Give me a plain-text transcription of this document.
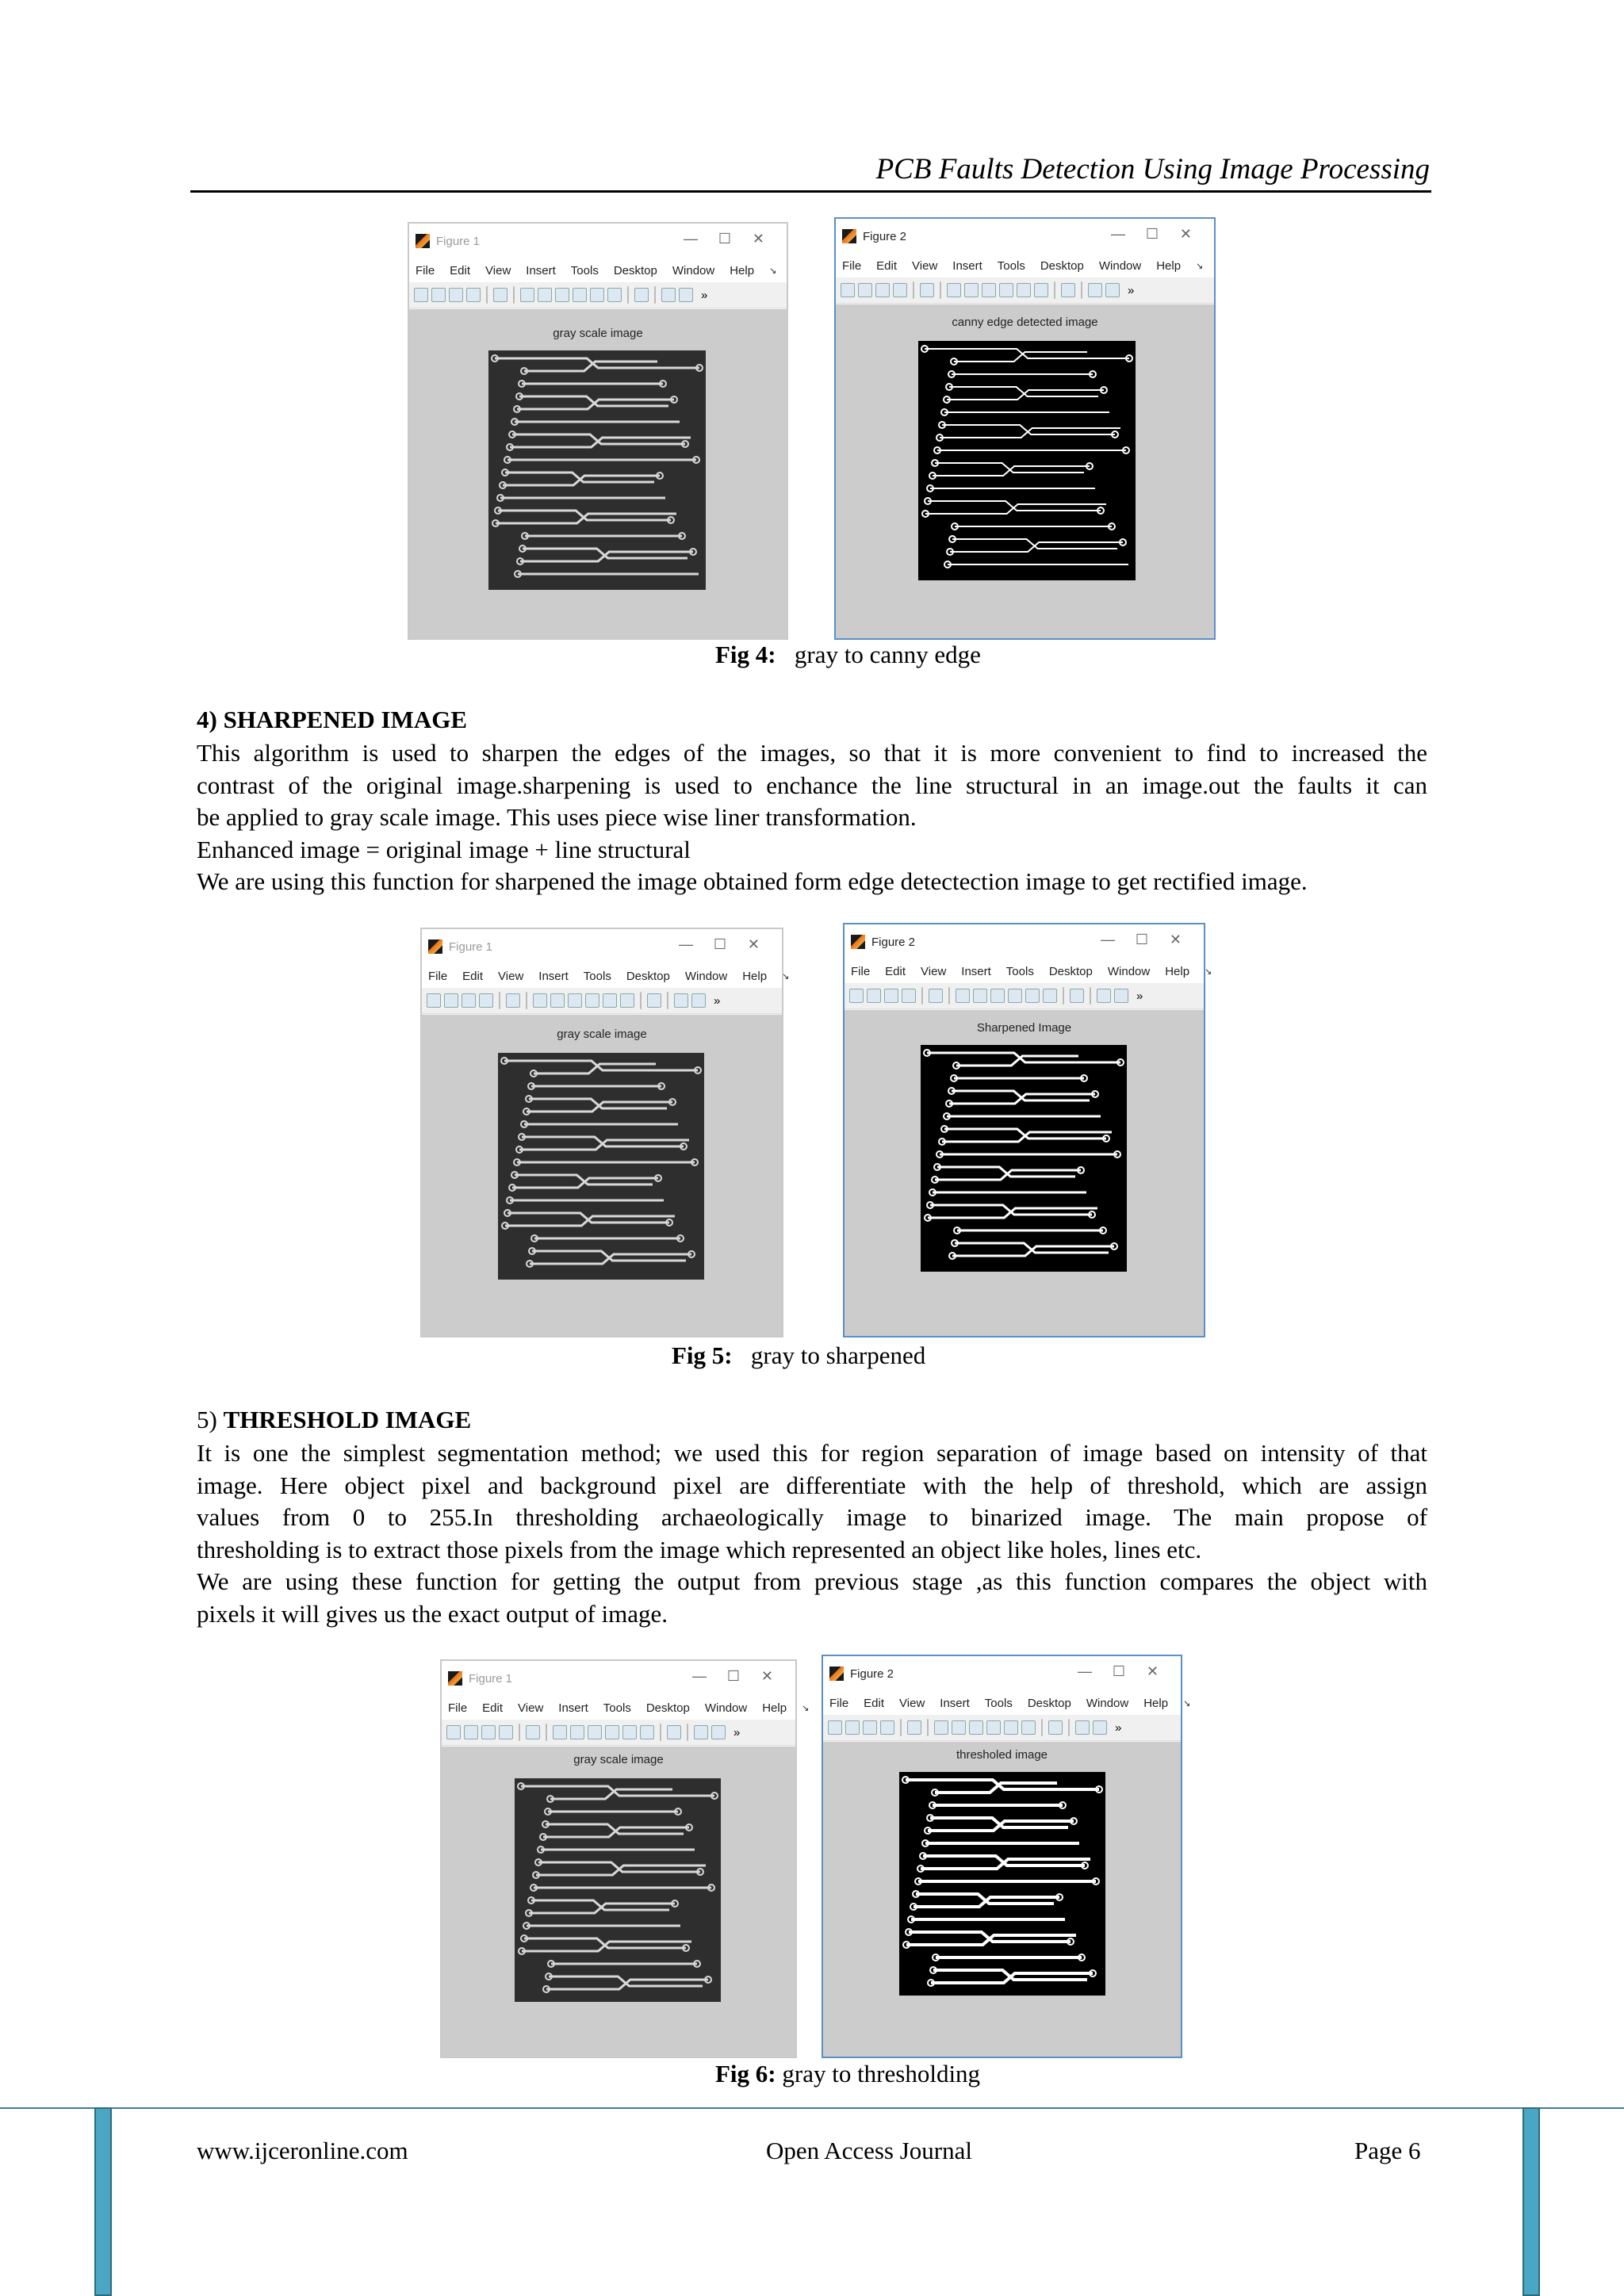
PCB Faults Detection Using Image Processing
Figure 1	— ☐ ✕
File Edit View Insert Tools Desktop Window Help ↘
»
gray scale image
Figure 2	— ☐ ✕
File Edit View Insert Tools Desktop Window Help ↘
»
canny edge detected image
Fig 4: gray to canny edge
4) SHARPENED IMAGE
This algorithm is used to sharpen the edges of the images, so that it is more convenient to find to increased the
contrast of the original image.sharpening is used to enchance the line structural in an image.out the faults it can
be applied to gray scale image. This uses piece wise liner transformation.
Enhanced image = original image + line structural
We are using this function for sharpened the image obtained form edge detectection image to get rectified image.
Figure 1	— ☐ ✕
File Edit View Insert Tools Desktop Window Help ↘
»
gray scale image
Figure 2	— ☐ ✕
File Edit View Insert Tools Desktop Window Help ↘
»
Sharpened Image
Fig 5: gray to sharpened
5) THRESHOLD IMAGE
It is one the simplest segmentation method; we used this for region separation of image based on intensity of that
image. Here object pixel and background pixel are differentiate with the help of threshold, which are assign
values from 0 to 255.In thresholding archaeologically image to binarized image. The main propose of
thresholding is to extract those pixels from the image which represented an object like holes, lines etc.
We are using these function for getting the output from previous stage ,as this function compares the object with
pixels it will gives us the exact output of image.
Figure 1	— ☐ ✕
File Edit View Insert Tools Desktop Window Help ↘
»
gray scale image
Figure 2	— ☐ ✕
File Edit View Insert Tools Desktop Window Help ↘
»
thresholed image
Fig 6: gray to thresholding
www.ijceronline.com	Open Access Journal	Page 6
